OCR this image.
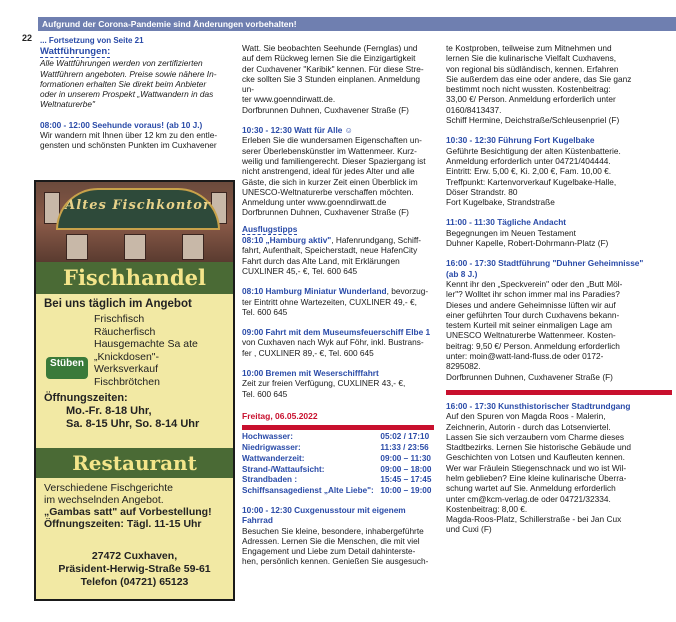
Aufgrund der Corona-Pandemie sind Änderungen vorbehalten!
22 ... Fortsetzung von Seite 21
Wattführungen:
Alle Wattführungen werden von zertifizierten
Wattführern angeboten. Preise sowie nähere In-
formationen erhalten Sie direkt beim Anbieter
oder in unserem Prospekt „Wattwandern in das
Weltnaturerbe"
08:00 - 12:00 Seehunde voraus! (ab 10 J.)
Wir wandern mit Ihnen über 12 km zu den entle-
gensten und schönsten Punkten im Cuxhavener
Altes Fischkontor
Fischhandel
Bei uns täglich im Angebot
Frischfisch
Räucherfisch
Hausgemachte Sa ate
„Knickdosen"-
Werksverkauf
Fischbrötchen
Stüben
Öffnungszeiten:
Mo.-Fr. 8-18 Uhr,
Sa. 8-15 Uhr, So. 8-14 Uhr
Restaurant
Verschiedene Fischgerichte
im wechselnden Angebot.
„Gambas satt" auf Vorbestellung!
Öffnungszeiten: Tägl. 11-15 Uhr
27472 Cuxhaven,
Präsident-Herwig-Straße 59-61
Telefon (04721) 65123
Watt. Sie beobachten Seehunde (Fernglas) und
auf dem Rückweg lernen Sie die Einzigartigkeit
der Cuxhavener "Karibik" kennen. Für diese Stre-
cke sollten Sie 3 Stunden einplanen. Anmeldung un-
ter www.goenndirwatt.de.
Dorfbrunnen Duhnen, Cuxhavener Straße (F)
10:30 - 12:30 Watt für Alle ☺
Erleben Sie die wundersamen Eigenschaften un-
serer Überlebenskünstler im Wattenmeer. Kurz-
weilig und familiengerecht. Dieser Spaziergang ist
nicht anstrengend, ideal für jedes Alter und alle
Gäste, die sich in kurzer Zeit einen Überblick im
UNESCO-Weltnaturerbe verschaffen möchten.
Anmeldung unter www.goenndirwatt.de
Dorfbrunnen Duhnen, Cuxhavener Straße (F)
Ausflugstipps
08:10 „Hamburg aktiv", Hafenrundgang, Schiff-
fahrt, Aufenthalt, Speicherstadt, neue HafenCity
Fahrt durch das Alte Land, mit Erklärungen
CUXLINER 45,- €, Tel. 600 645
08:10 Hamburg Miniatur Wunderland, bevorzug-
ter Eintritt ohne Wartezeiten, CUXLINER 49,- €,
Tel. 600 645
09:00 Fahrt mit dem Museumsfeuerschiff Elbe 1
von Cuxhaven nach Wyk auf Föhr, inkl. Bustrans-
fer , CUXLINER 89,- €, Tel. 600 645
10:00 Bremen mit Weserschifffahrt
Zeit zur freien Verfügung, CUXLINER 43,- €,
Tel. 600 645
Freitag, 06.05.2022
Hochwasser:	05:02 / 17:10
Niedrigwasser:	11:33 / 23:56
Wattwanderzeit:	09:00 – 11:30
Strand-/Wattaufsicht:	09:00 – 18:00
Strandbaden :	15:45 – 17:45
Schiffsansagedienst „Alte Liebe":	10:00 – 19:00
10:00 - 12:30 Cuxgenusstour mit eigenem Fahrrad
Besuchen Sie kleine, besondere, inhabergeführte
Adressen. Lernen Sie die Menschen, die mit viel
Engagement und Liebe zum Detail dahinterste-
hen, persönlich kennen. Genießen Sie ausgesuch-
te Kostproben, teilweise zum Mitnehmen und
lernen Sie die kulinarische Vielfalt Cuxhavens,
von regional bis südländisch, kennen. Erfahren
Sie außerdem das eine oder andere, das Sie ganz
bestimmt noch nicht wussten. Kostenbeitrag:
33,00 €/ Person. Anmeldung erforderlich unter
0160/8413437.
Schiff Hermine, Deichstraße/Schleusenpriel (F)
10:30 - 12:30 Führung Fort Kugelbake
Geführte Besichtigung der alten Küstenbatterie.
Anmeldung erforderlich unter 04721/404444.
Eintritt: Erw. 5,00 €, Ki. 2,00 €, Fam. 10,00 €.
Treffpunkt: Kartenvorverkauf Kugelbake-Halle,
Döser Strandstr. 80
Fort Kugelbake, Strandstraße
11:00 - 11:30 Tägliche Andacht
Begegnungen im Neuen Testament
Duhner Kapelle, Robert-Dohrmann-Platz (F)
16:00 - 17:30 Stadtführung "Duhner Geheimnisse"
(ab 8 J.)
Kennt ihr den „Speckverein" oder den „Butt Möl-
ler"? Wolltet ihr schon immer mal ins Paradies?
Dieses und andere Geheimnisse lüften wir auf
einer geführten Tour durch Cuxhavens bekann-
testem Kurteil mit seiner einmaligen Lage am
UNESCO Weltnaturerbe Wattenmeer. Kosten-
beitrag: 9,50 €/ Person. Anmeldung erforderlich
unter: moin@watt-land-fluss.de oder 0172-
8295082.
Dorfbrunnen Duhnen, Cuxhavener Straße (F)
16:00 - 17:30 Kunsthistorischer Stadtrundgang
Auf den Spuren von Magda Roos - Malerin,
Zeichnerin, Autorin - durch das Lotsenviertel.
Lassen Sie sich verzaubern vom Charme dieses
Stadtbezirks. Lernen Sie historische Gebäude und
Geschichten von Lotsen und Kaufleuten kennen.
Wer war Fräulein Stiegenschnack und wo ist Wil-
helm geblieben? Eine kleine kulinarische Überra-
schung wartet auf Sie. Anmeldung erforderlich
unter cm@kcm-verlag.de oder 04721/32334.
Kostenbeitrag: 8,00 €.
Magda-Roos-Platz, Schillerstraße - bei Jan Cux
und Cuxi (F)
